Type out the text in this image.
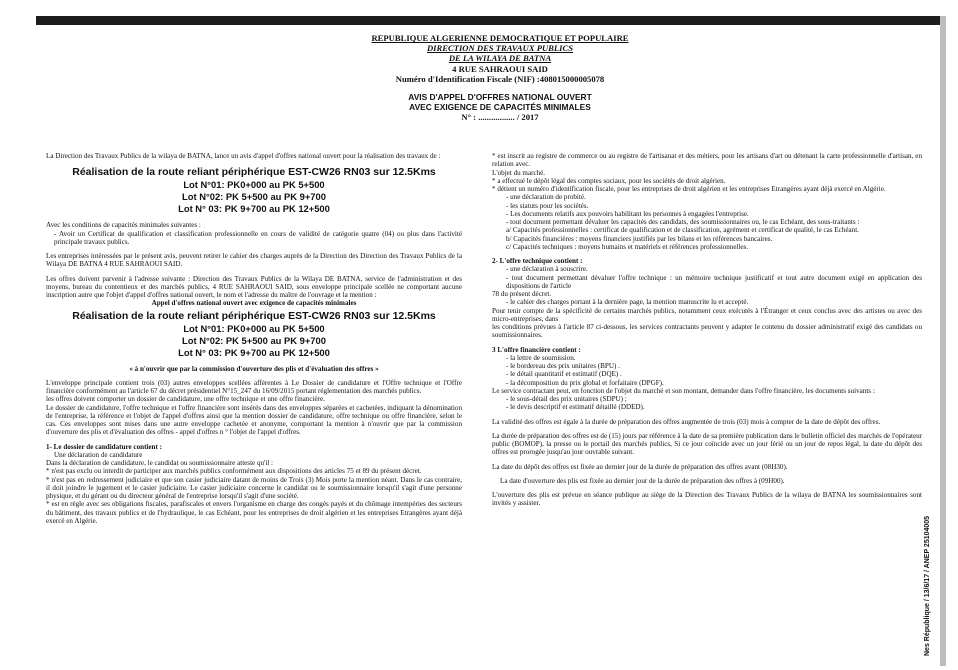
REPUBLIQUE ALGERIENNE DEMOCRATIQUE ET POPULAIRE
DIRECTION DES TRAVAUX PUBLICS
DE LA WILAYA DE BATNA
4 RUE SAHRAOUI SAID
Numéro d'Identification Fiscale (NIF) :408015000005078
AVIS D'APPEL D'OFFRES NATIONAL OUVERT
AVEC EXIGENCE DE CAPACITÉS MINIMALES
N° : ................. / 2017

La Direction des Travaux Publics de la wilaya de BATNA, lance un avis d'appel d'offres national ouvert pour la réalisation des travaux de :

Réalisation de la route reliant périphérique EST-CW26 RN03 sur 12.5Kms
Lot N°01: PK0+000 au PK 5+500
Lot N°02: PK 5+500 au PK 9+700
Lot N° 03: PK 9+700 au PK 12+500
Avec les conditions de capacités minimales suivantes :

- Avoir un Certificat de qualification et classification professionnelle en cours de validité de catégorie quatre (04) ou plus dans l'activité principale travaux publics.

Les entreprises intéressées par le présent avis, peuvent retirer le cahier des charges auprès de la Direction des Direction des Travaux Publics de la Wilaya DE BATNA 4 RUE SAHRAOUI SAID.

Les offres doivent parvenir à l'adresse suivante : Direction des Travaux Publics de la Wilaya DE BATNA, service de l'administration et des moyens, bureau du contentieux et des marchés publics, 4 RUE SAHRAOUI SAID, sous enveloppe principale scellée ne comportant aucune inscription autre que l'objet d'appel d'offres national ouvert, le nom et l'adresse du maître de l'ouvrage et la mention :
Appel d'offres national ouvert avec exigence de capacités minimales
Réalisation de la route reliant périphérique EST-CW26 RN03 sur 12.5Kms
Lot N°01: PK0+000 au PK 5+500
Lot N°02: PK 5+500 au PK 9+700
Lot N° 03: PK 9+700 au PK 12+500

« à n'ouvrir que par la commission d'ouverture des plis et d'évaluation des offres »

L'enveloppe principale contient trois (03) autres enveloppes scellées afférentes à Le Dossier de candidature et l'Offre technique et l'Offre financière conformément au l'article 67 du décret présidentiel N°15_247 du 16/09/2015 portant réglementation des marchés publics.
les offres doivent comporter un dossier de candidature, une offre technique et une offre financière.

Le dossier de candidature, l'offre technique et l'offre financière sont insérés dans des enveloppes séparées et cachetées, indiquant la dénomination de l'entreprise, la référence et l'objet de l'appel d'offres ainsi que la mention dossier de candidature, offre technique ou offre financière, selon le cas. Ces enveloppes sont mises dans une autre enveloppe cachetée et anonyme, comportant la mention à n'ouvrir que par la commission d'ouverture des plis et d'évaluation des offres - appel d'offres n ° l'objet de l'appel d'offres.

1- Le dossier de candidature contient :
Une déclaration de candidature
Dans la déclaration de candidature, le candidat ou soumissionnaire atteste qu'il :
* n'est pas exclu ou interdit de participer aux marchés publics conformément aux dispositions des articles 75 et 89 du présent décret.
* n'est pas en redressement judiciaire et que son casier judiciaire datant de moins de Trois (3) Mois porte la mention néant. Dans le cas contraire, il doit joindre le jugement et le casier judiciaire. Le casier judiciaire concerne le candidat ou le soumissionnaire lorsqu'il s'agit d'une personne physique, et du gérant ou du directeur général de l'entreprise lorsqu'il s'agit d'une société.
* est en règle avec ses obligations fiscales, parafiscales et envers l'organisme en charge des congés payés et du chômage intempéries des secteurs du bâtiment, des travaux publics et de l'hydraulique, le cas Echéant, pour les entreprises de droit algérien et les entreprises Etrangères ayant déjà exercé en Algérie.
* est inscrit au registre de commerce ou au registre de l'artisanat et des métiers, pour les artisans d'art ou détenant la carte professionnelle d'artisan, en relation avec.
L'objet du marché.
* a effectué le dépôt légal des comptes sociaux, pour les sociétés de droit algérien.
* détient un numéro d'identification fiscale, pour les entreprises de droit algérien et les entreprises Etrangères ayant déjà exercé en Algérie.
- une déclaration de probité.
- les statuts pour les sociétés.
- Les documents relatifs aux pouvoirs habilitant les personnes à engagées l'entreprise.
- tout document permettant dévaluer les capacités des candidats, des soumissionnaires ou, le cas Echéant, des sous-traitants :
a/ Capacités professionnelles : certificat de qualification et de classification, agrément et certificat de qualité, le cas Echéant.
b/ Capacités financières : moyens financiers justifiés par les bilans et les références bancaires.

c/ Capacités techniques : moyens humains et matériels et références professionnelles.

2- L'offre technique contient :
- une déclaration à souscrire.
- tout document permettant dévaluer l'offre technique : un mémoire technique justificatif et tout autre document exigé en application des dispositions de l'article
78 du présent décret.
- le cahier des charges portant à la dernière page, la mention manuscrite lu et accepté.
Pour tenir compte de la spécificité de certains marchés publics, notamment ceux exécutés à l'Étranger et ceux conclus avec des artistes ou avec des micro-entreprises, dans

les conditions prévues à l'article 87 ci-dessous, les services contractants peuvent y adapter le contenu du dossier administratif exigé des candidats ou soumissionnaires.

3 L'offre financière contient :
- la lettre de soumission.
- le bordereau des prix unitaires (BPU) .
- le détail quantitatif et estimatif (DQE) .
- la décomposition du prix global et forfaitaire (DPGF).
Le service contractant peut, en fonction de l'objet du marché et son montant, demander dans l'offre financière, les documents suivants :
- le sous-détail des prix unitaires (SDPU) ;

- le devis descriptif et estimatif détaillé (DDED).

La validité des offres est égale à la durée de préparation des offres augmentée de trois (03) mois à compter de la date de dépôt des offres.

La durée de préparation des offres est de (15) jours par référence à la date de sa première publication dans le bulletin officiel des marchés de l'opérateur public (BOMOP), la presse ou le portail des marchés publics, Si ce jour coïncide avec un jour férié ou un jour de repos légal, la date du dépôt des offres est prorogée jusqu'au jour ouvrable suivant.

La date du dépôt des offres est fixée au dernier jour de la durée de préparation des offres avant (08H30).

La date d'ouverture des plis est fixée au dernier jour de la durée de préparation des offres à (09H00).

L'ouverture des plis est prévue en séance publique au siège de la Direction des Travaux Publics de la wilaya de BATNA les soumissionnaires sont invités y assister.

Nes République / 13/6/17 / ANEP 25104005
